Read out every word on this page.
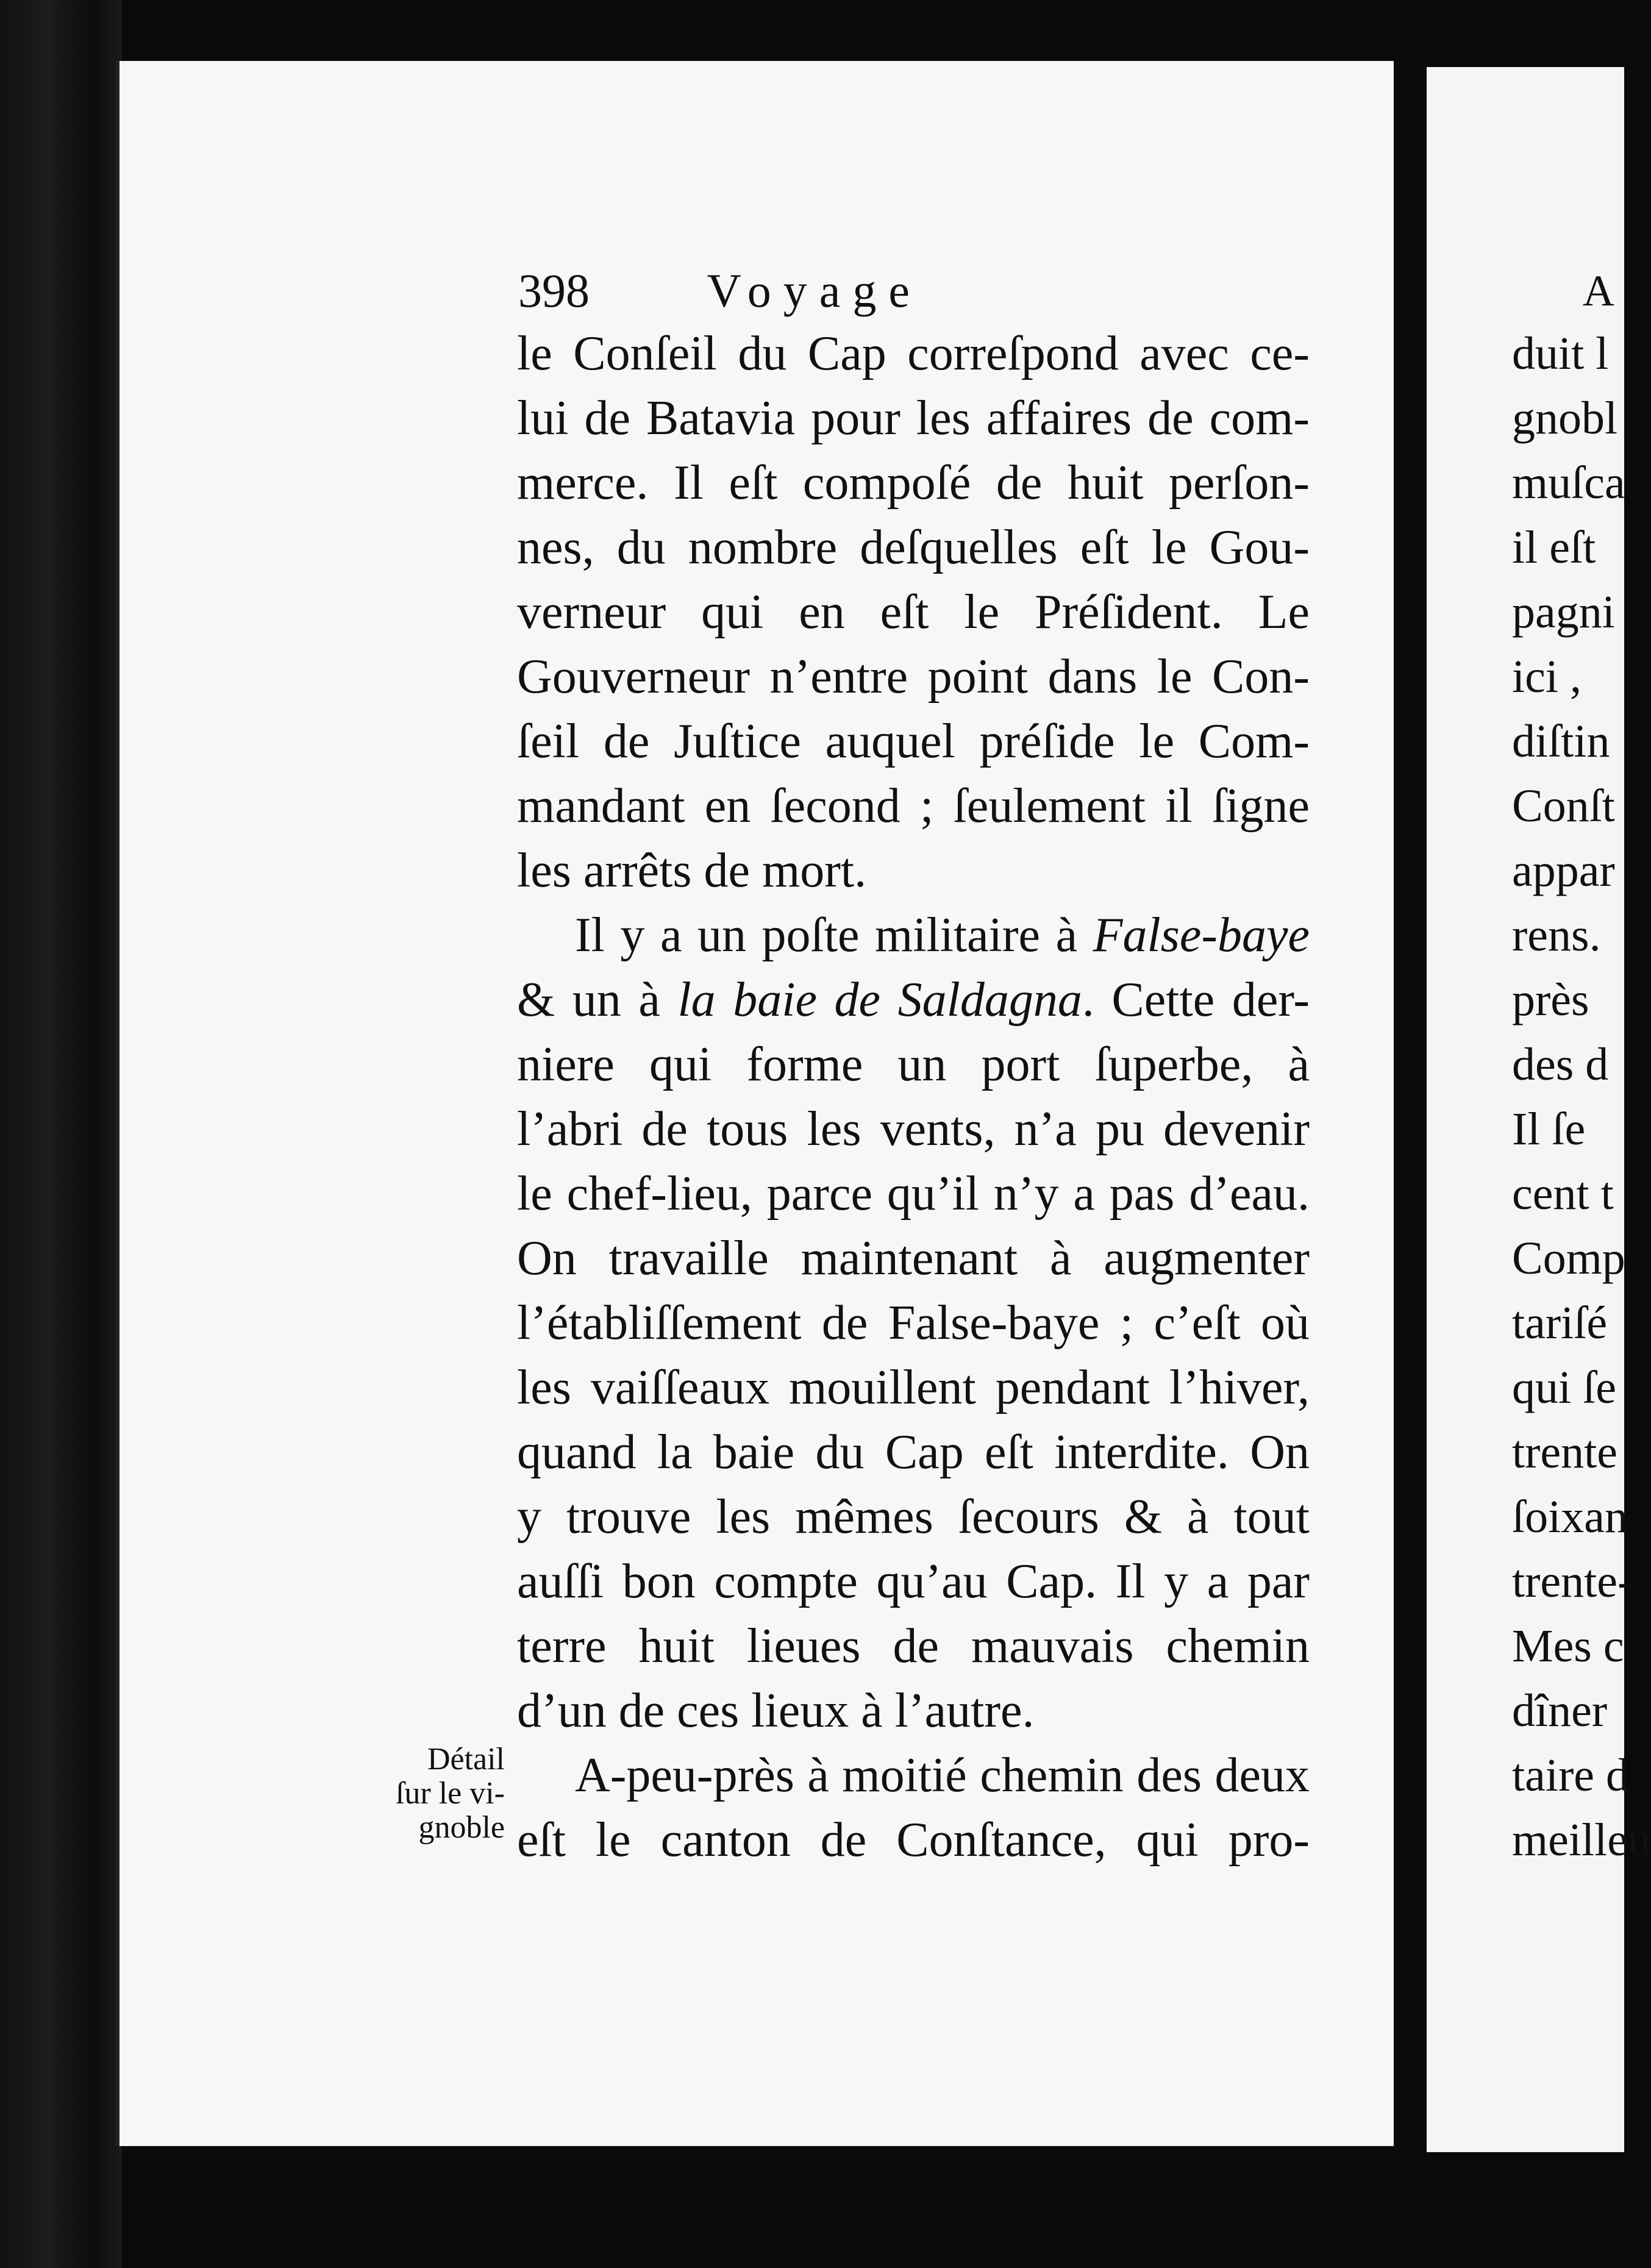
398 Voyage
le Conſeil du Cap correſpond avec ce-
lui de Batavia pour les affaires de com-
merce. Il eſt compoſé de huit perſon-
nes, du nombre deſquelles eſt le Gou-
verneur qui en eſt le Préſident. Le
Gouverneur n’entre point dans le Con-
ſeil de Juſtice auquel préſide le Com-
mandant en ſecond ; ſeulement il ſigne
les arrêts de mort.
Il y a un poſte militaire à False-baye
& un à la baie de Saldagna. Cette der-
niere qui forme un port ſuperbe, à
l’abri de tous les vents, n’a pu devenir
le chef-lieu, parce qu’il n’y a pas d’eau.
On travaille maintenant à augmenter
l’établiſſement de False-baye ; c’eſt où
les vaiſſeaux mouillent pendant l’hiver,
quand la baie du Cap eſt interdite. On
y trouve les mêmes ſecours & à tout
auſſi bon compte qu’au Cap. Il y a par
terre huit lieues de mauvais chemin
d’un de ces lieux à l’autre.
A-peu-près à moitié chemin des deux
eſt le canton de Conſtance, qui pro-
Détail
ſur le vi-
gnoble
A
duit l
gnobl
muſca
il eſt
pagni
ici ,
diſtin
Conſt
appar
rens.
près
des d
Il ſe
cent t
Comp
tariſé
qui ſe
trente
ſoixan
trente-
Mes c
dîner
taire d
meilleu
